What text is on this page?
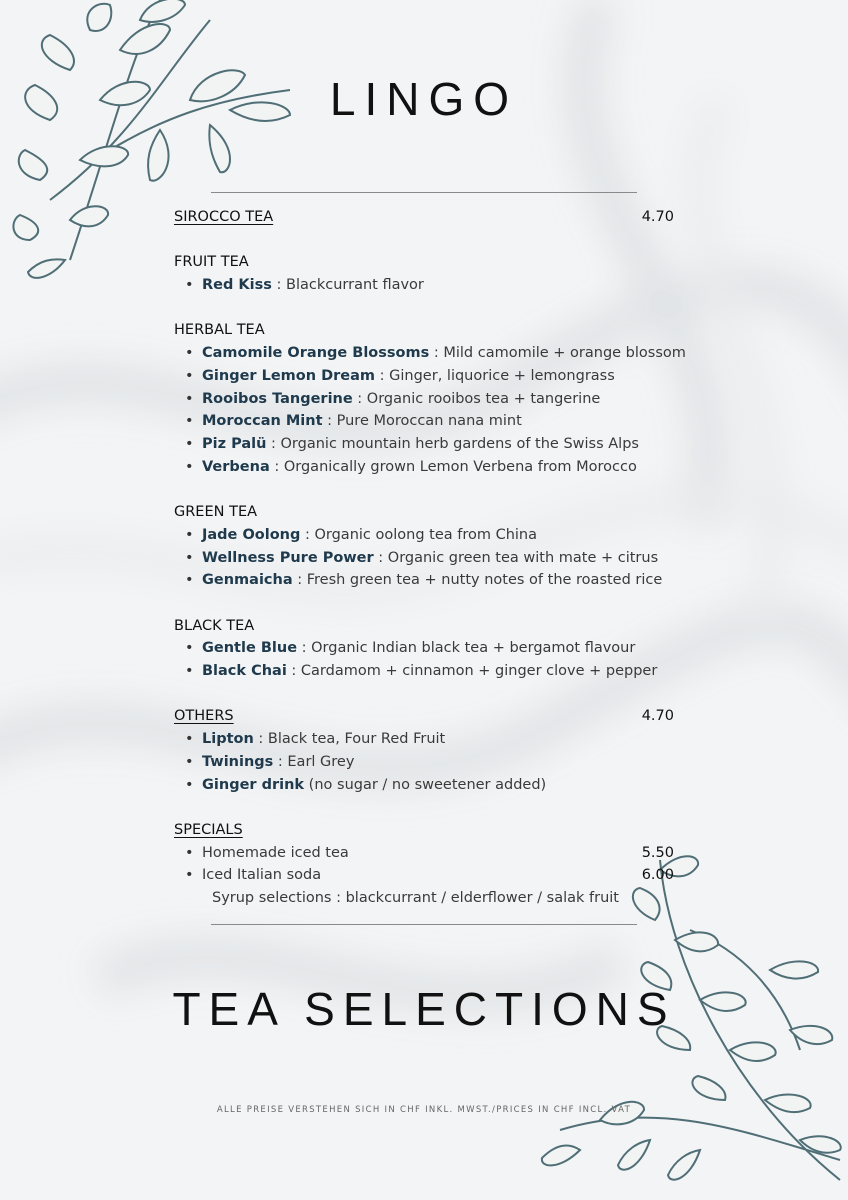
LINGO
SIROCCO TEA	4.70
FRUIT TEA
• Red Kiss : Blackcurrant flavor
HERBAL TEA
• Camomile Orange Blossoms : Mild camomile + orange blossom
• Ginger Lemon Dream : Ginger, liquorice + lemongrass
• Rooibos Tangerine : Organic rooibos tea + tangerine
• Moroccan Mint : Pure Moroccan nana mint
• Piz Palü : Organic mountain herb gardens of the Swiss Alps
• Verbena : Organically grown Lemon Verbena from Morocco
GREEN TEA
• Jade Oolong : Organic oolong tea from China
• Wellness Pure Power : Organic green tea with mate + citrus
• Genmaicha : Fresh green tea + nutty notes of the roasted rice
BLACK TEA
• Gentle Blue : Organic Indian black tea + bergamot flavour
• Black Chai : Cardamom + cinnamon + ginger clove + pepper
OTHERS	4.70
• Lipton : Black tea, Four Red Fruit
• Twinings : Earl Grey
• Ginger drink (no sugar / no sweetener added)
SPECIALS
• Homemade iced tea	5.50
• Iced Italian soda	6.00
Syrup selections : blackcurrant / elderflower / salak fruit
TEA SELECTIONS
ALLE PREISE VERSTEHEN SICH IN CHF INKL. MWST./PRICES IN CHF INCL. VAT
